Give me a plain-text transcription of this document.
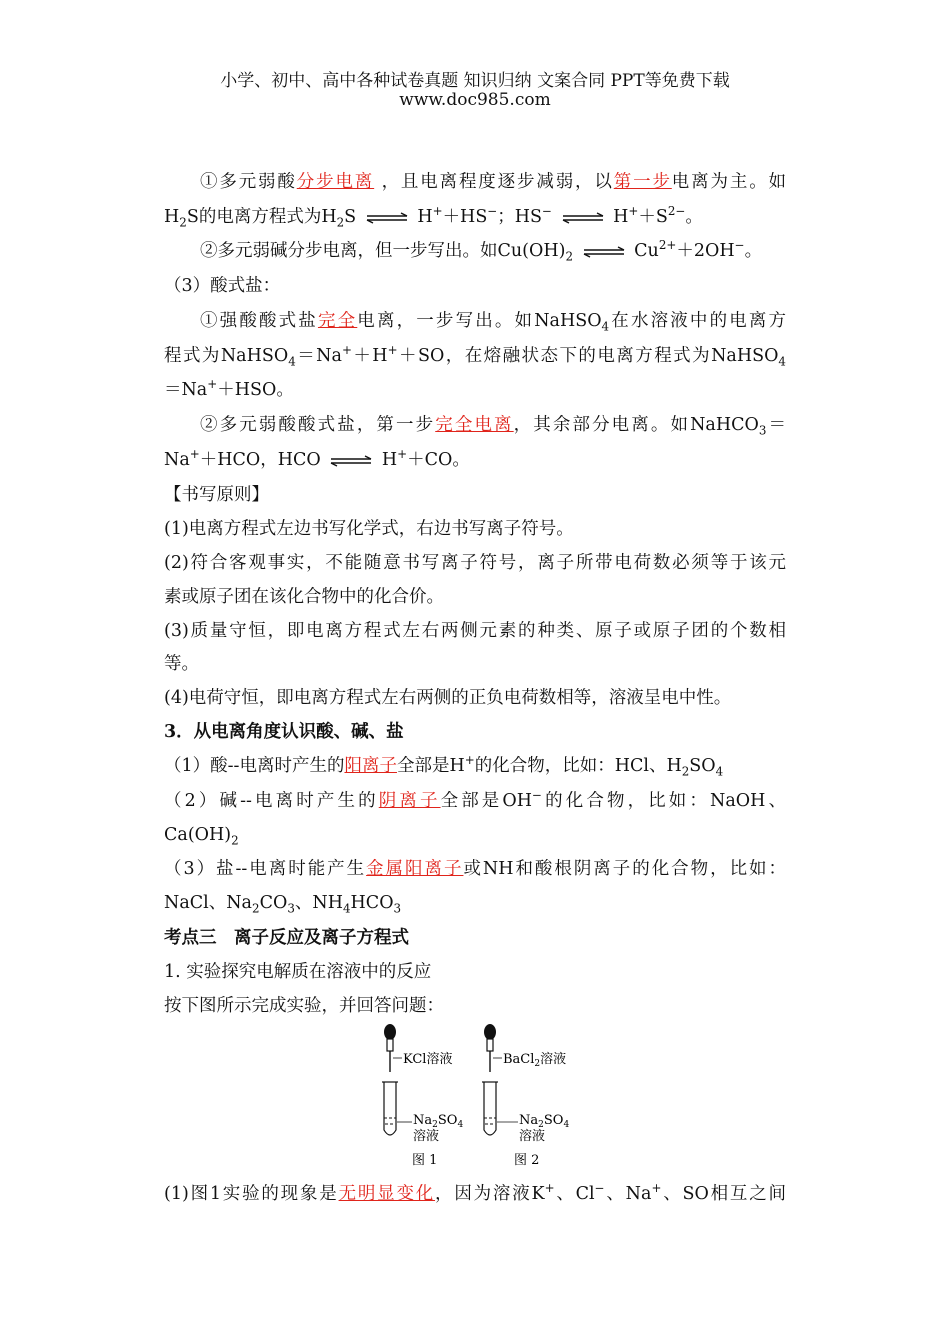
小学、初中、高中各种试卷真题 知识归纳 文案合同 PPT等免费下载
www.doc985.com
①多元弱酸分步电离 ，且电离程度逐步减弱，以第一步电离为主。如
$H_2S$的电离方程式为$H_2S$ ⇌ H+＋HS−；HS− ⇌ $H^++S^{2-}$。
②多元弱碱分步电离，但一步写出。如$Cu(OH)_2$ ⇌ $Cu^{2+}+2OH^-$。
（3）酸式盐：
①强酸酸式盐完全电离，一步写出。如NaHSO$_4$在水溶液中的电离方
程式为NaHSO$_4$＝Na+＋H+＋SO，在熔融状态下的电离方程式为NaHSO$_4$
＝Na+＋HSO。
②多元弱酸酸式盐，第一步完全电离，其余部分电离。如NaHCO$_3$＝
Na+＋HCO，HCO ⇌ H+＋CO。
【书写原则】
(1)电离方程式左边书写化学式，右边书写离子符号。
(2)符合客观事实，不能随意书写离子符号，离子所带电荷数必须等于该元
素或原子团在该化合物中的化合价。
(3)质量守恒，即电离方程式左右两侧元素的种类、原子或原子团的个数相
等。
(4)电荷守恒，即电离方程式左右两侧的正负电荷数相等，溶液呈电中性。
3．从电离角度认识酸、碱、盐
（1）酸--电离时产生的阳离子全部是H+的化合物，比如：HCl、$H_2SO_4$
（2）碱--电离时产生的阴离子全部是OH−的化合物，比如：NaOH、
$Ca(OH)_2$
（3）盐--电离时能产生金属阳离子或NH和酸根阴离子的化合物，比如：
NaCl、$Na_2CO_3$、$NH_4HCO_3$
考点三　离子反应及离子方程式
1. 实验探究电解质在溶液中的反应
按下图所示完成实验，并回答问题：
KCl溶液
$Na_2SO_4$
溶液
图 1
BaCl$_2$溶液
$Na_2SO_4$
溶液
图 2
(1)图1实验的现象是无明显变化，因为溶液K+、Cl−、Na+、SO相互之间
